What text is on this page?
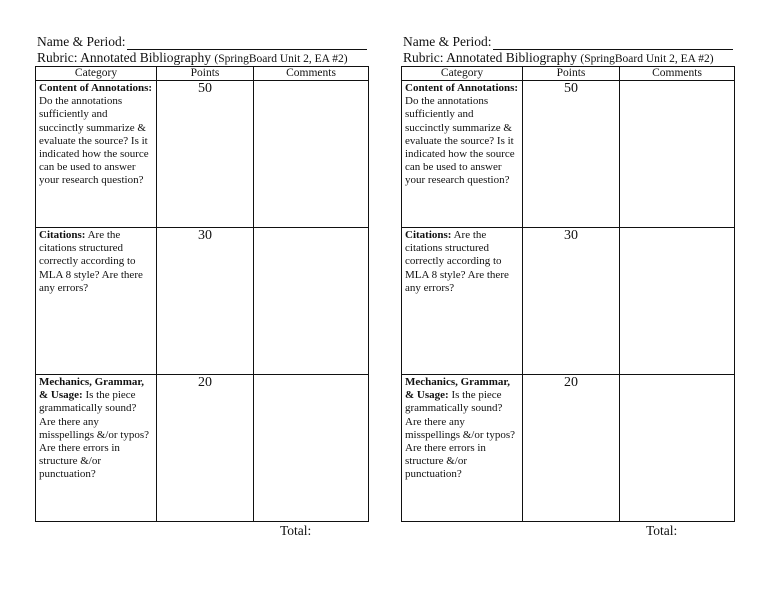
Name & Period:
Rubric: Annotated Bibliography (SpringBoard Unit 2, EA #2)
Category	Points	Comments
Content of Annotations: Do the annotations sufficiently and succinctly summarize & evaluate the source? Is it indicated how the source can be used to answer your research question?	50	
Citations: Are the citations structured correctly according to MLA 8 style? Are there any errors?	30	
Mechanics, Grammar, & Usage: Is the piece grammatically sound? Are there any misspellings &/or typos? Are there errors in structure &/or punctuation?	20	
Total:
Name & Period:
Rubric: Annotated Bibliography (SpringBoard Unit 2, EA #2)
Category	Points	Comments
Content of Annotations: Do the annotations sufficiently and succinctly summarize & evaluate the source? Is it indicated how the source can be used to answer your research question?	50	
Citations: Are the citations structured correctly according to MLA 8 style? Are there any errors?	30	
Mechanics, Grammar, & Usage: Is the piece grammatically sound? Are there any misspellings &/or typos? Are there errors in structure &/or punctuation?	20	
Total:
